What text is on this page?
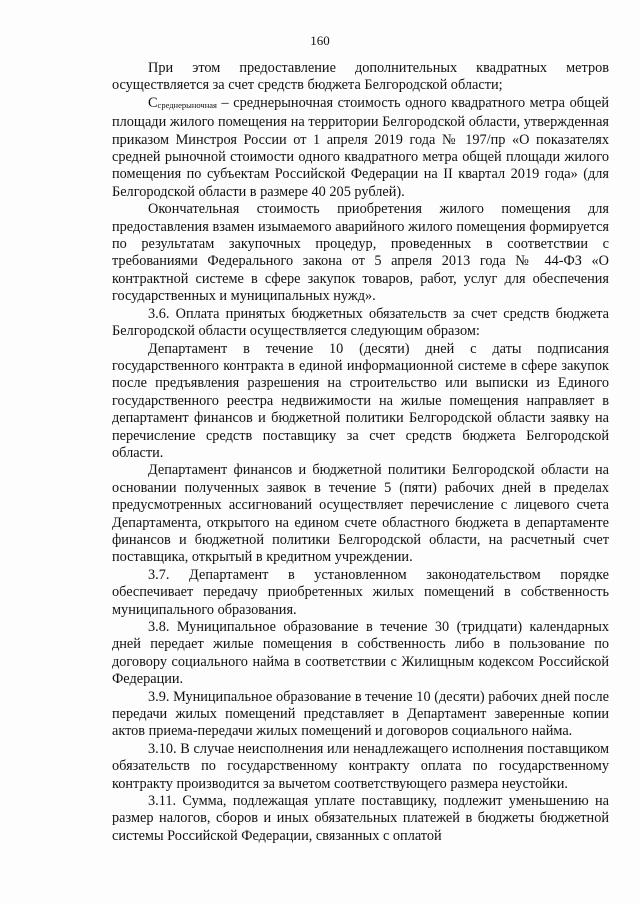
160

При этом предоставление дополнительных квадратных метров осуществляется за счет средств бюджета Белгородской области;

Ссреднерыночная – среднерыночная стоимость одного квадратного метра общей площади жилого помещения на территории Белгородской области, утвержденная приказом Минстроя России от 1 апреля 2019 года № 197/пр «О показателях средней рыночной стоимости одного квадратного метра общей площади жилого помещения по субъектам Российской Федерации на II квартал 2019 года» (для Белгородской области в размере 40 205 рублей).

Окончательная стоимость приобретения жилого помещения для предоставления взамен изымаемого аварийного жилого помещения формируется по результатам закупочных процедур, проведенных в соответствии с требованиями Федерального закона от 5 апреля 2013 года № 44-ФЗ «О контрактной системе в сфере закупок товаров, работ, услуг для обеспечения государственных и муниципальных нужд».

3.6. Оплата принятых бюджетных обязательств за счет средств бюджета Белгородской области осуществляется следующим образом:

Департамент в течение 10 (десяти) дней с даты подписания государственного контракта в единой информационной системе в сфере закупок после предъявления разрешения на строительство или выписки из Единого государственного реестра недвижимости на жилые помещения направляет в департамент финансов и бюджетной политики Белгородской области заявку на перечисление средств поставщику за счет средств бюджета Белгородской области.

Департамент финансов и бюджетной политики Белгородской области на основании полученных заявок в течение 5 (пяти) рабочих дней в пределах предусмотренных ассигнований осуществляет перечисление с лицевого счета Департамента, открытого на едином счете областного бюджета в департаменте финансов и бюджетной политики Белгородской области, на расчетный счет поставщика, открытый в кредитном учреждении.

3.7. Департамент в установленном законодательством порядке обеспечивает передачу приобретенных жилых помещений в собственность муниципального образования.

3.8. Муниципальное образование в течение 30 (тридцати) календарных дней передает жилые помещения в собственность либо в пользование по договору социального найма в соответствии с Жилищным кодексом Российской Федерации.

3.9. Муниципальное образование в течение 10 (десяти) рабочих дней после передачи жилых помещений представляет в Департамент заверенные копии актов приема-передачи жилых помещений и договоров социального найма.

3.10. В случае неисполнения или ненадлежащего исполнения поставщиком обязательств по государственному контракту оплата по государственному контракту производится за вычетом соответствующего размера неустойки.

3.11. Сумма, подлежащая уплате поставщику, подлежит уменьшению на размер налогов, сборов и иных обязательных платежей в бюджеты бюджетной системы Российской Федерации, связанных с оплатой
